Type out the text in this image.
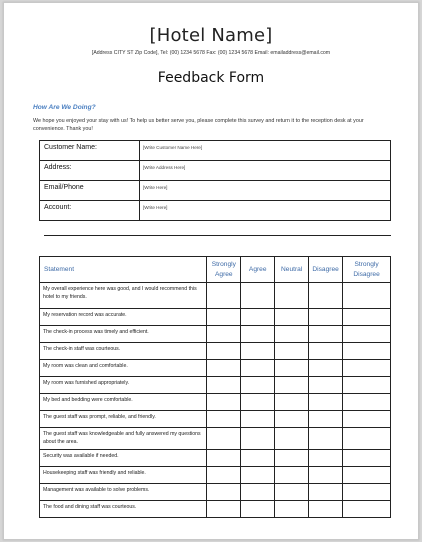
[Hotel Name]
[Address CITY ST Zip Code], Tel: (00) 1234 5678 Fax: (00) 1234 5678 Email: emailaddress@email.com
Feedback Form
How Are We Doing?
We hope you enjoyed your stay with us! To help us better serve you, please complete this survey and return it to the reception desk at your convenience. Thank you!
Customer Name:	[Write Customer Name Here]
Address:	[Write Address Here]
Email/Phone	[Write Here]
Account:	[Write Here]
Statement	Strongly Agree	Agree	Neutral	Disagree	Strongly Disagree
My overall experience here was good, and I would recommend this hotel to my friends.					
My reservation record was accurate.					
The check-in process was timely and efficient.					
The check-in staff was courteous.					
My room was clean and comfortable.					
My room was furnished appropriately.					
My bed and bedding were comfortable.					
The guest staff was prompt, reliable, and friendly.					
The guest staff was knowledgeable and fully answered my questions about the area.					
Security was available if needed.					
Housekeeping staff was friendly and reliable.					
Management was available to solve problems.					
The food and dining staff was courteous.					
